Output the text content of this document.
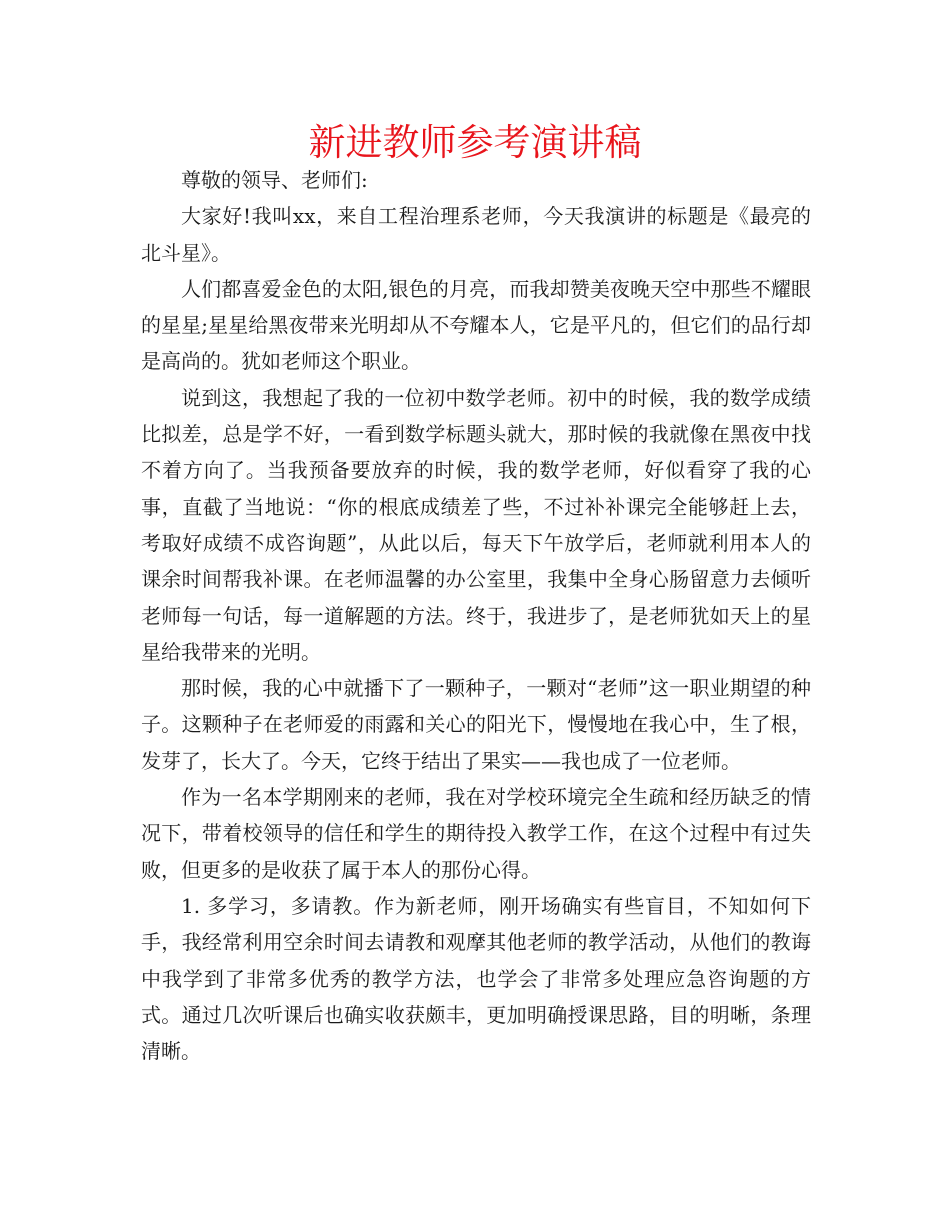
新进教师参考演讲稿

尊敬的领导、老师们:

大家好!我叫xx，来自工程治理系老师，今天我演讲的标题是《最亮的北斗星》。

人们都喜爱金色的太阳,银色的月亮，而我却赞美夜晚天空中那些不耀眼的星星;星星给黑夜带来光明却从不夸耀本人，它是平凡的，但它们的品行却是高尚的。犹如老师这个职业。

说到这，我想起了我的一位初中数学老师。初中的时候，我的数学成绩比拟差，总是学不好，一看到数学标题头就大，那时候的我就像在黑夜中找不着方向了。当我预备要放弃的时候，我的数学老师，好似看穿了我的心事，直截了当地说：“你的根底成绩差了些，不过补补课完全能够赶上去，考取好成绩不成咨询题”，从此以后，每天下午放学后，老师就利用本人的课余时间帮我补课。在老师温馨的办公室里，我集中全身心肠留意力去倾听老师每一句话，每一道解题的方法。终于，我进步了，是老师犹如天上的星星给我带来的光明。

那时候，我的心中就播下了一颗种子，一颗对“老师”这一职业期望的种子。这颗种子在老师爱的雨露和关心的阳光下，慢慢地在我心中，生了根，发芽了，长大了。今天，它终于结出了果实——我也成了一位老师。

作为一名本学期刚来的老师，我在对学校环境完全生疏和经历缺乏的情况下，带着校领导的信任和学生的期待投入教学工作，在这个过程中有过失败，但更多的是收获了属于本人的那份心得。

1. 多学习，多请教。作为新老师，刚开场确实有些盲目，不知如何下手，我经常利用空余时间去请教和观摩其他老师的教学活动，从他们的教诲中我学到了非常多优秀的教学方法，也学会了非常多处理应急咨询题的方式。通过几次听课后也确实收获颇丰，更加明确授课思路，目的明晰，条理清晰。
